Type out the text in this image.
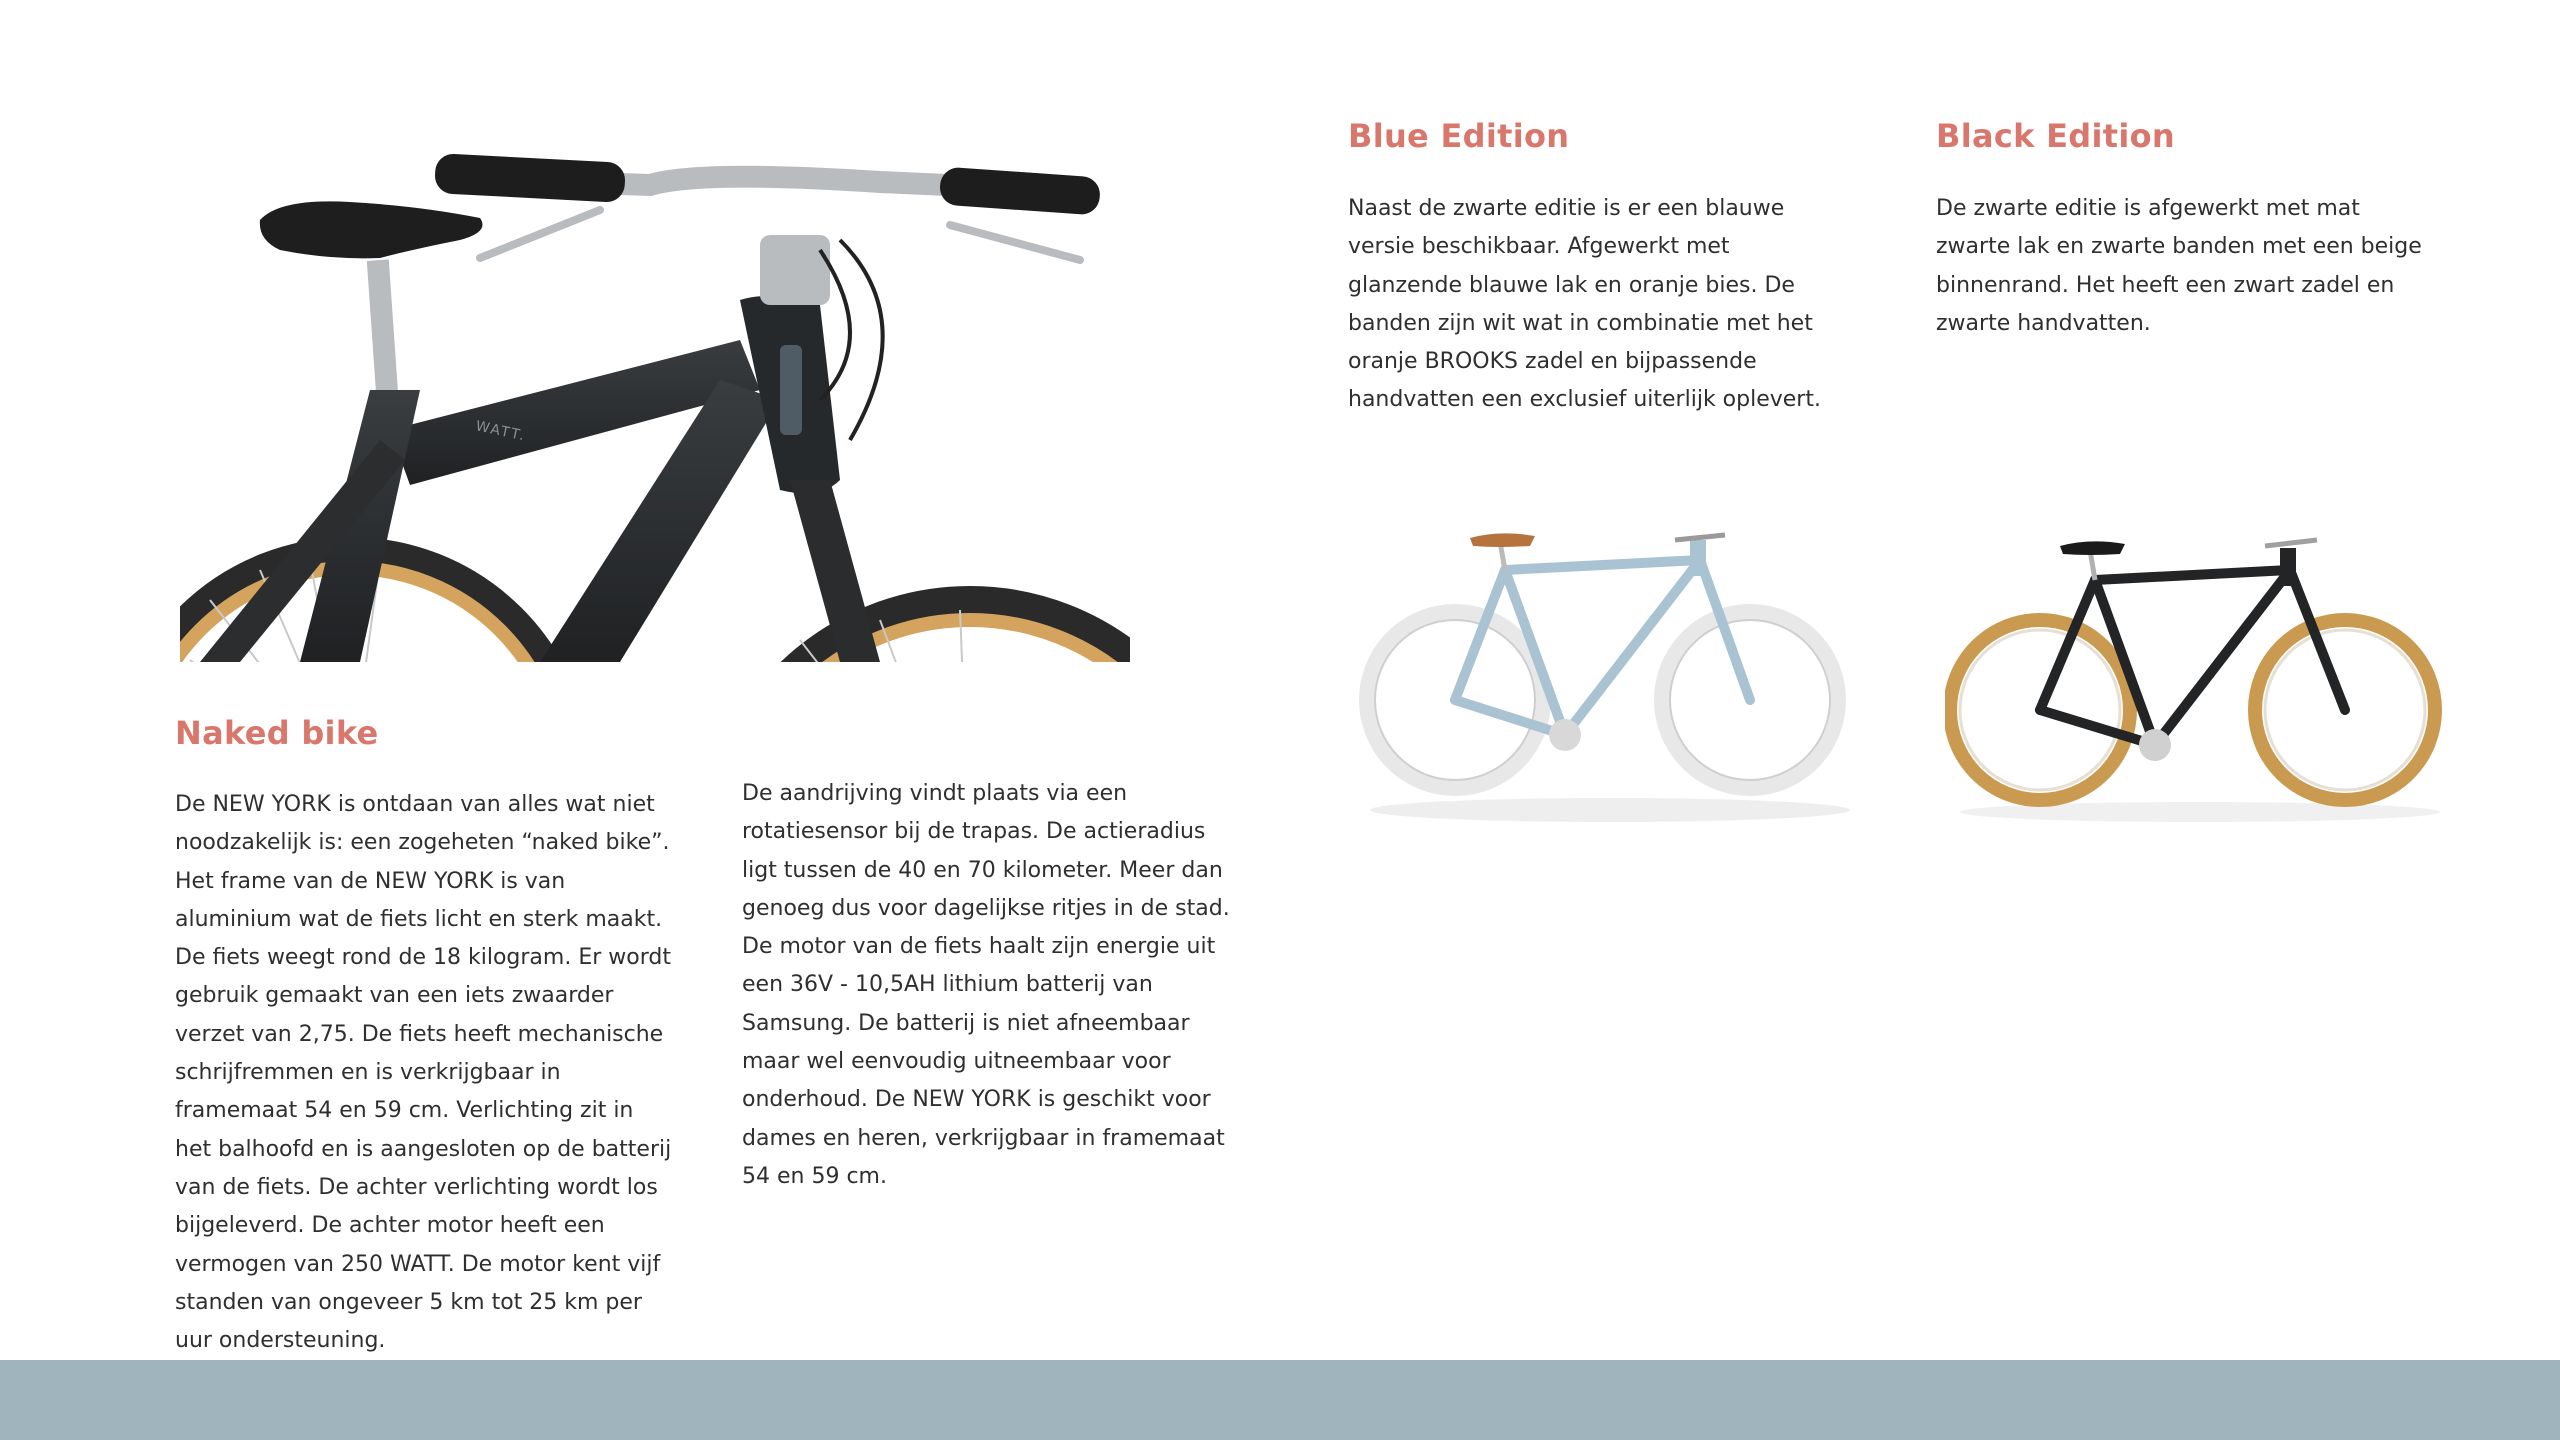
WATT.
Naked bike

De NEW YORK is ontdaan van alles wat niet noodzakelijk is: een zogeheten “naked bike”. Het frame van de NEW YORK is van aluminium wat de fiets licht en sterk maakt. De fiets weegt rond de 18 kilogram. Er wordt gebruik gemaakt van een iets zwaarder verzet van 2,75. De fiets heeft mechanische schrijfremmen en is verkrijgbaar in framemaat 54 en 59 cm. Verlichting zit in het balhoofd en is aangesloten op de batterij van de fiets. De achter verlichting wordt los bijgeleverd. De achter motor heeft een vermogen van 250 WATT. De motor kent vijf standen van ongeveer 5 km tot 25 km per uur ondersteuning.

De aandrijving vindt plaats via een rotatiesensor bij de trapas. De actieradius ligt tussen de 40 en 70 kilometer. Meer dan genoeg dus voor dagelijkse ritjes in de stad. De motor van de fiets haalt zijn energie uit een 36V - 10,5AH lithium batterij van Samsung. De batterij is niet afneembaar maar wel eenvoudig uitneembaar voor onderhoud. De NEW YORK is geschikt voor dames en heren, verkrijgbaar in framemaat 54 en 59 cm.

Blue Edition

Naast de zwarte editie is er een blauwe versie beschikbaar. Afgewerkt met glanzende blauwe lak en oranje bies. De banden zijn wit wat in combinatie met het oranje BROOKS zadel en bijpassende handvatten een exclusief uiterlijk oplevert.

Black Edition

De zwarte editie is afgewerkt met mat zwarte lak en zwarte banden met een beige binnenrand. Het heeft een zwart zadel en zwarte handvatten.
